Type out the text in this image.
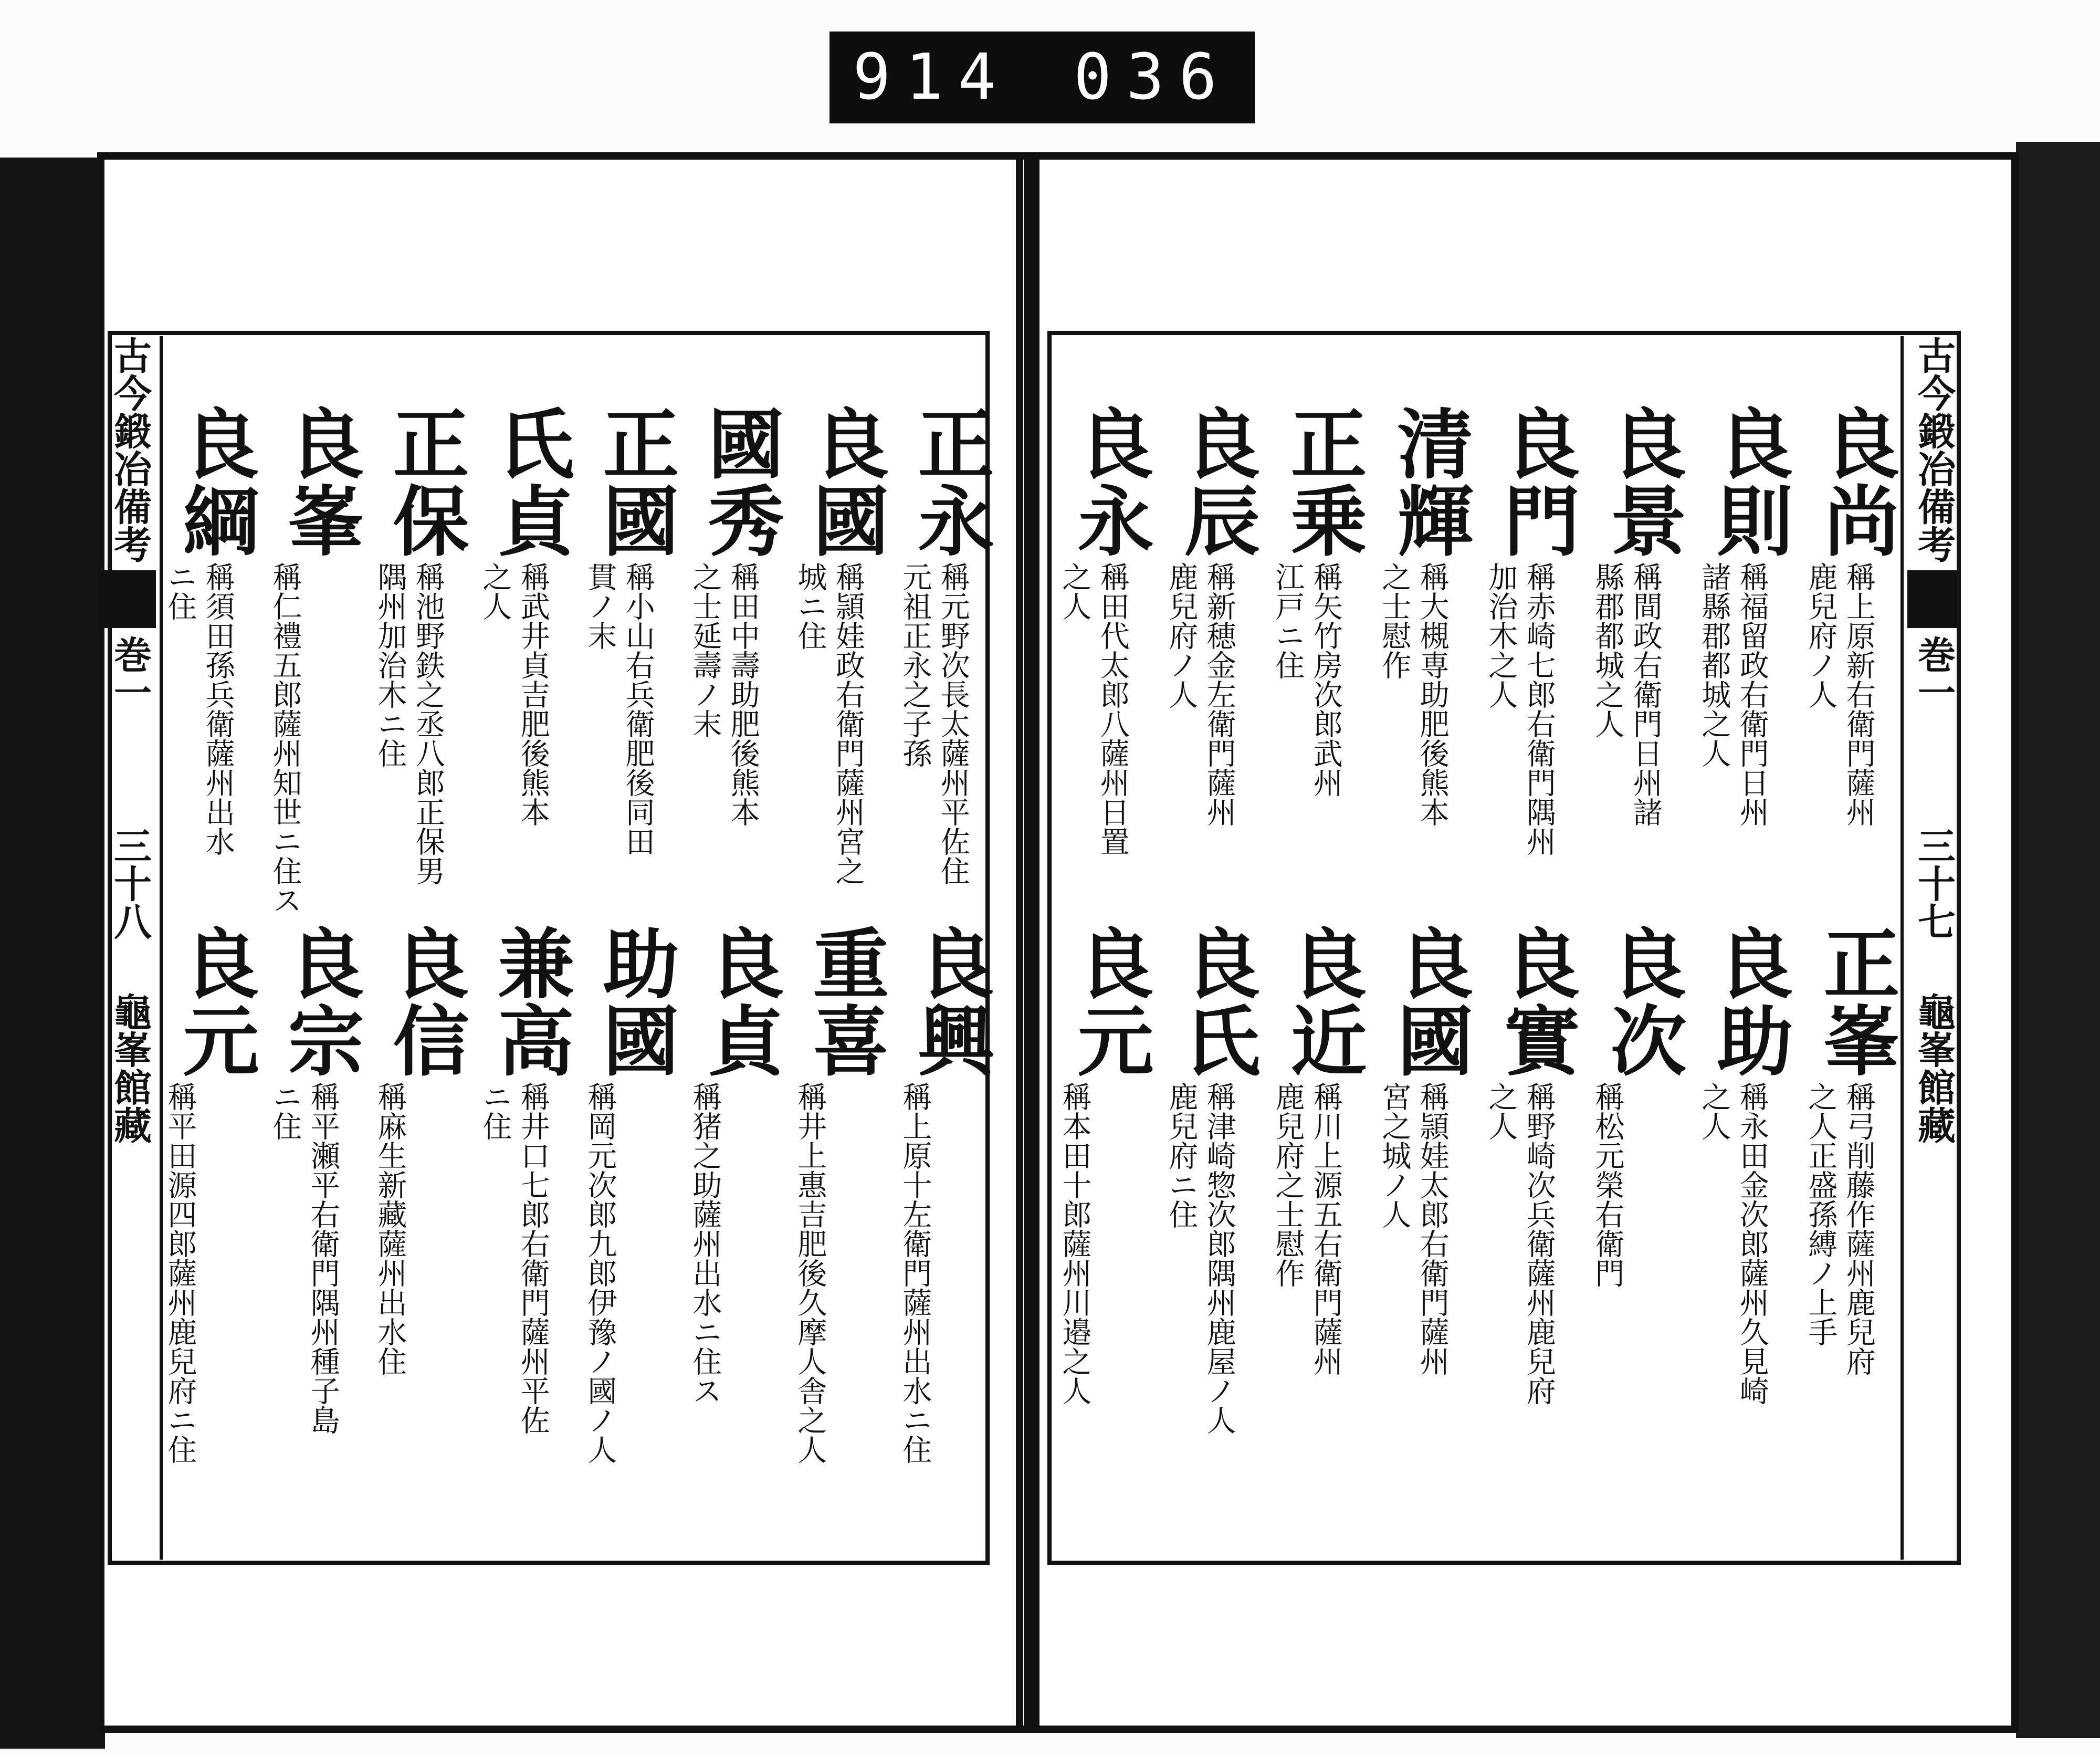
914 036
古今鍛冶備考
巻一
三十八
龜峯館藏
古今鍛冶備考
巻一
三十七
龜峯館藏
正永
稱元野次長太薩州平佐住
元祖正永之子孫
良國
稱頴娃政右衛門薩州宮之
城ニ住
國秀
稱田中壽助肥後熊本
之士延壽ノ末
正國
稱小山右兵衛肥後同田
貫ノ末
氏貞
稱武井貞吉肥後熊本
之人
正保
稱池野鉄之丞八郎正保男
隅州加治木ニ住
良峯
稱仁禮五郎薩州知世ニ住ス
良綱
稱須田孫兵衛薩州出水
ニ住
良興
稱上原十左衛門薩州出水ニ住
重喜
稱井上惠吉肥後久摩人舎之人
良貞
稱猪之助薩州出水ニ住ス
助國
稱岡元次郎九郎伊豫ノ國ノ人
兼高
稱井口七郎右衛門薩州平佐
ニ住
良信
稱麻生新藏薩州出水住
良宗
稱平瀬平右衛門隅州種子島
ニ住
良元
稱平田源四郎薩州鹿兒府ニ住
良尚
稱上原新右衛門薩州
鹿兒府ノ人
良則
稱福留政右衛門日州
諸縣郡都城之人
良景
稱間政右衛門日州諸
縣郡都城之人
良門
稱赤崎七郎右衛門隅州
加治木之人
清輝
稱大槻専助肥後熊本
之士慰作
正乗
稱矢竹房次郎武州
江戸ニ住
良辰
稱新穂金左衛門薩州
鹿兒府ノ人
良永
稱田代太郎八薩州日置
之人
正峯
稱弓削藤作薩州鹿兒府
之人正盛孫縛ノ上手
良助
稱永田金次郎薩州久見崎
之人
良次
稱松元榮右衛門
良實
稱野崎次兵衛薩州鹿兒府
之人
良國
稱頴娃太郎右衛門薩州
宮之城ノ人
良近
稱川上源五右衛門薩州
鹿兒府之士慰作
良氏
稱津崎惣次郎隅州鹿屋ノ人
鹿兒府ニ住
良元
稱本田十郎薩州川邉之人
